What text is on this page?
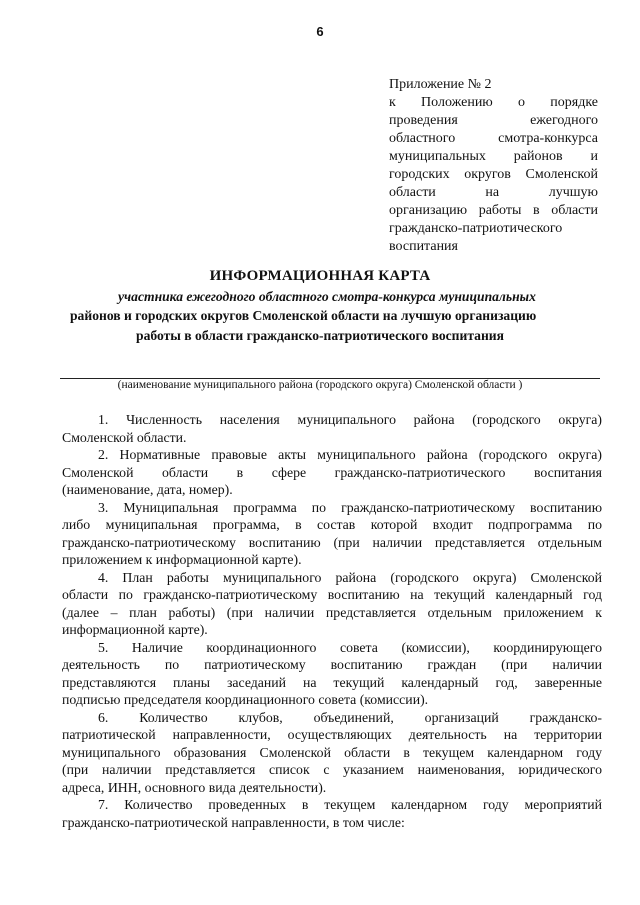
6
Приложение № 2
к Положению о порядке
проведения ежегодного
областного смотра-конкурса
муниципальных районов и
городских округов Смоленской
области на лучшую
организацию работы в области
гражданско-патриотического
воспитания
ИНФОРМАЦИОННАЯ КАРТА
участника ежегодного областного смотра-конкурса муниципальных
районов и городских округов Смоленской области на лучшую организацию
работы в области гражданско-патриотического воспитания
(наименование муниципального района (городского округа) Смоленской области )
1. Численность населения муниципального района (городского округа)
Смоленской области.
2. Нормативные правовые акты муниципального района (городского округа)
Смоленской области в сфере гражданско-патриотического воспитания
(наименование, дата, номер).
3. Муниципальная программа по гражданско-патриотическому воспитанию
либо муниципальная программа, в состав которой входит подпрограмма по
гражданско-патриотическому воспитанию (при наличии представляется отдельным
приложением к информационной карте).
4. План работы муниципального района (городского округа) Смоленской
области по гражданско-патриотическому воспитанию на текущий календарный год
(далее – план работы) (при наличии представляется отдельным приложением к
информационной карте).
5. Наличие координационного совета (комиссии), координирующего
деятельность по патриотическому воспитанию граждан (при наличии
представляются планы заседаний на текущий календарный год, заверенные
подписью председателя координационного совета (комиссии).
6. Количество клубов, объединений, организаций гражданско-
патриотической направленности, осуществляющих деятельность на территории
муниципального образования Смоленской области в текущем календарном году
(при наличии представляется список с указанием наименования, юридического
адреса, ИНН, основного вида деятельности).
7. Количество проведенных в текущем календарном году мероприятий
гражданско-патриотической направленности, в том числе:
